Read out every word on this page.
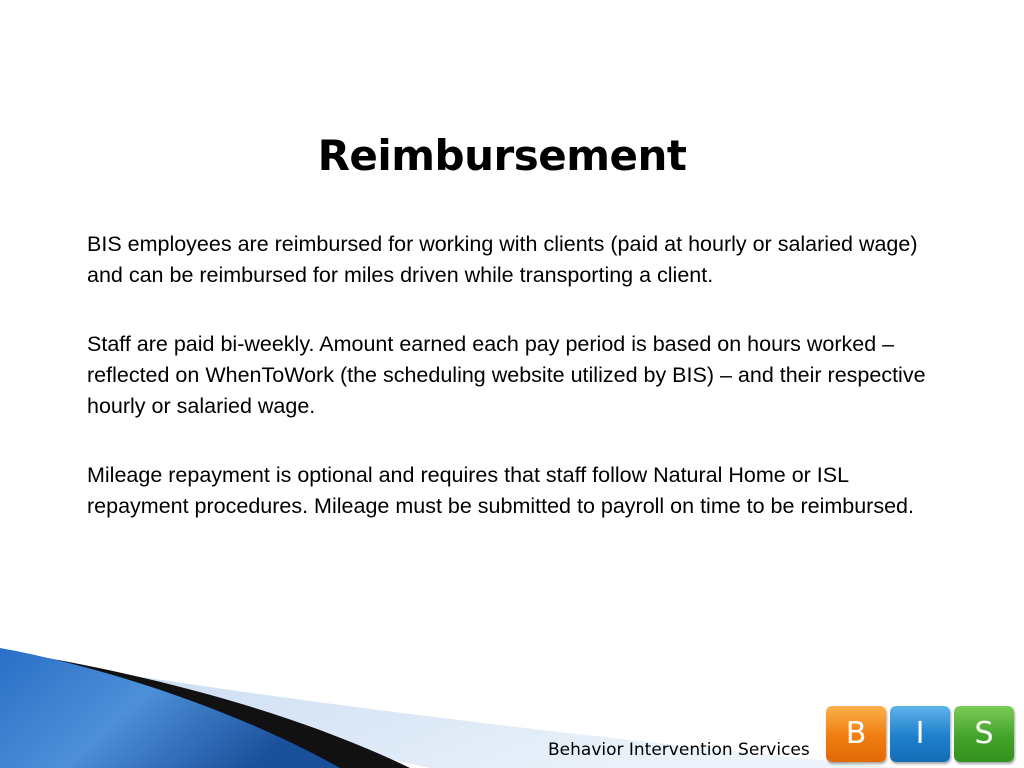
Reimbursement

BIS employees are reimbursed for working with clients (paid at hourly or salaried wage) and can be reimbursed for miles driven while transporting a client.

Staff are paid bi-weekly. Amount earned each pay period is based on hours worked – reflected on WhenToWork (the scheduling website utilized by BIS) – and their respective hourly or salaried wage.

Mileage repayment is optional and requires that staff follow Natural Home or ISL repayment procedures. Mileage must be submitted to payroll on time to be reimbursed.

Behavior Intervention Services	B	I	S
